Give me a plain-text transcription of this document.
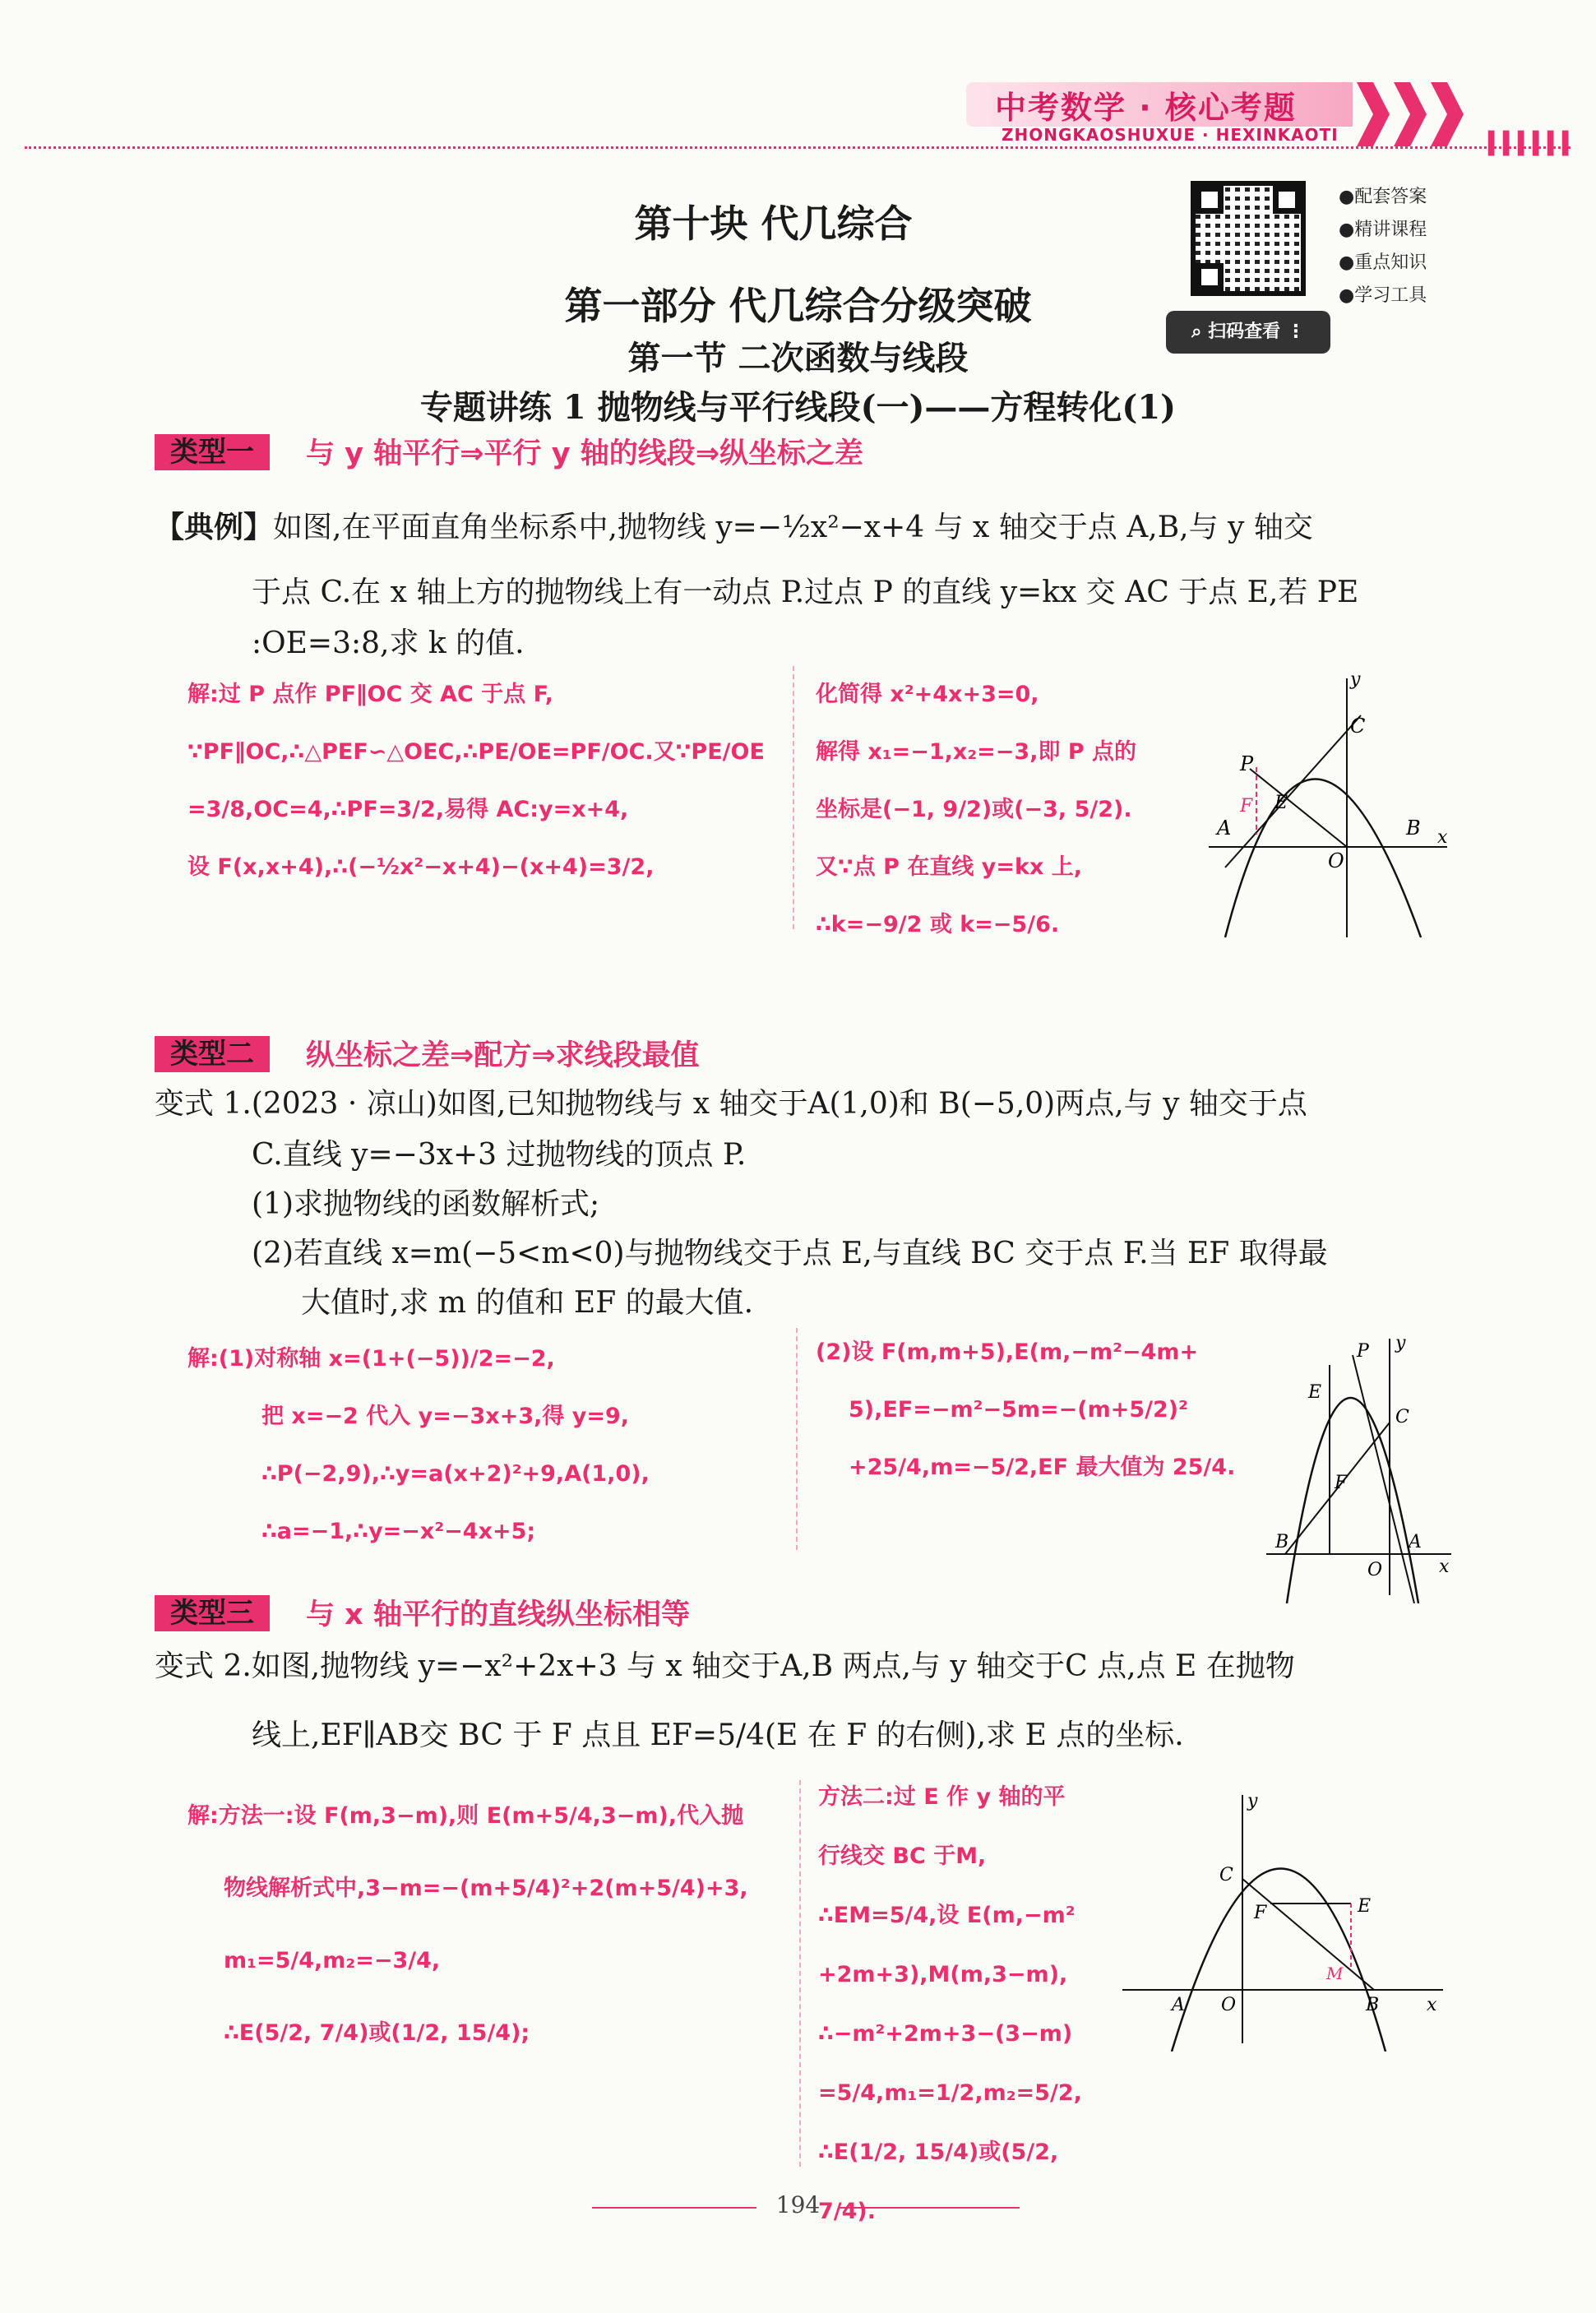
中考数学 · 核心考题
ZHONGKAOSHUXUE · HEXINKAOTI	▍▍▍▍▍▍
⌕ 扫码查看 ⋮
●配套答案
●精讲课程
●重点知识
●学习工具
第十块 代几综合
第一部分 代几综合分级突破
第一节 二次函数与线段
专题讲练 1 抛物线与平行线段(一)——方程转化(1)
类型一	与 y 轴平行⇒平行 y 轴的线段⇒纵坐标之差
【典例】如图,在平面直角坐标系中,抛物线 y=−½x²−x+4 与 x 轴交于点 A,B,与 y 轴交
于点 C.在 x 轴上方的抛物线上有一动点 P.过点 P 的直线 y=kx 交 AC 于点 E,若 PE
:OE=3:8,求 k 的值.
解:过 P 点作 PF∥OC 交 AC 于点 F,
∵PF∥OC,∴△PEF∽△OEC,∴PE/OE=PF/OC.又∵PE/OE
=3/8,OC=4,∴PF=3/2,易得 AC:y=x+4,
设 F(x,x+4),∴(−½x²−x+4)−(x+4)=3/2,
化简得 x²+4x+3=0,
解得 x₁=−1,x₂=−3,即 P 点的
坐标是(−1, 9/2)或(−3, 5/2).
又∵点 P 在直线 y=kx 上,
∴k=−9/2 或 k=−5/6.
y
x
C
P
F E
A	B
O
类型二	纵坐标之差⇒配方⇒求线段最值
变式 1.(2023 · 凉山)如图,已知抛物线与 x 轴交于A(1,0)和 B(−5,0)两点,与 y 轴交于点
C.直线 y=−3x+3 过抛物线的顶点 P.
(1)求抛物线的函数解析式;
(2)若直线 x=m(−5<m<0)与抛物线交于点 E,与直线 BC 交于点 F.当 EF 取得最
大值时,求 m 的值和 EF 的最大值.
解:(1)对称轴 x=(1+(−5))/2=−2,
把 x=−2 代入 y=−3x+3,得 y=9,
∴P(−2,9),∴y=a(x+2)²+9,A(1,0),
∴a=−1,∴y=−x²−4x+5;
(2)设 F(m,m+5),E(m,−m²−4m+
5),EF=−m²−5m=−(m+5/2)²
+25/4,m=−5/2,EF 最大值为 25/4.
P y
E
C
F
B	A
O	x
类型三	与 x 轴平行的直线纵坐标相等
变式 2.如图,抛物线 y=−x²+2x+3 与 x 轴交于A,B 两点,与 y 轴交于C 点,点 E 在抛物
线上,EF∥AB交 BC 于 F 点且 EF=5/4(E 在 F 的右侧),求 E 点的坐标.
解:方法一:设 F(m,3−m),则 E(m+5/4,3−m),代入抛
物线解析式中,3−m=−(m+5/4)²+2(m+5/4)+3,
m₁=5/4,m₂=−3/4,
∴E(5/2, 7/4)或(1/2, 15/4);
方法二:过 E 作 y 轴的平
行线交 BC 于M,
∴EM=5/4,设 E(m,−m²
+2m+3),M(m,3−m),
∴−m²+2m+3−(3−m)
=5/4,m₁=1/2,m₂=5/2,
∴E(1/2, 15/4)或(5/2, 7/4).
y
C
F	E
M
A O	B	x
194
